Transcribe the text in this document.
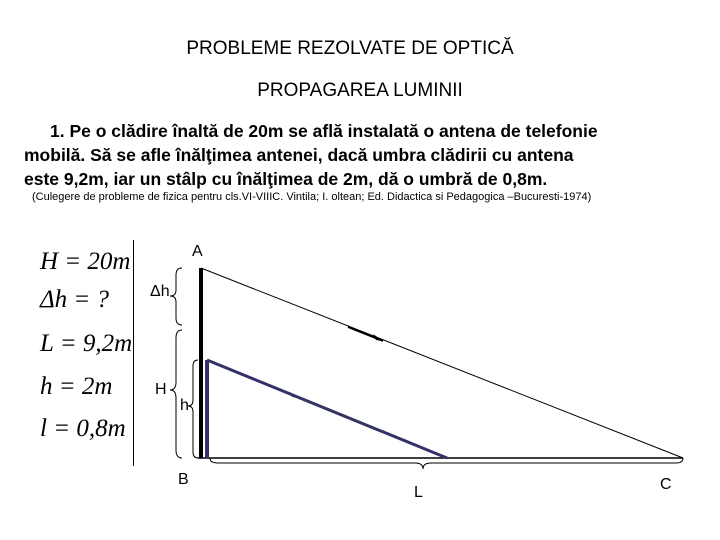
PROBLEME REZOLVATE DE OPTICĂ
PROPAGAREA LUMINII
1. Pe o clădire înaltă de 20m se află instalată o antena de telefonie
mobilă. Să se afle înălţimea antenei, dacă umbra clădirii cu antena
este 9,2m, iar un stâlp cu înălţimea de 2m, dă o umbră de 0,8m.
(Culegere de probleme de fizica pentru cls.VI-VIIIC. Vintila; I. oltean; Ed. Didactica si Pedagogica –Bucuresti-1974)
H = 20m
Δh = ?
L = 9,2m
h = 2m
l = 0,8m
A
Δh
H
h
B
L	C
